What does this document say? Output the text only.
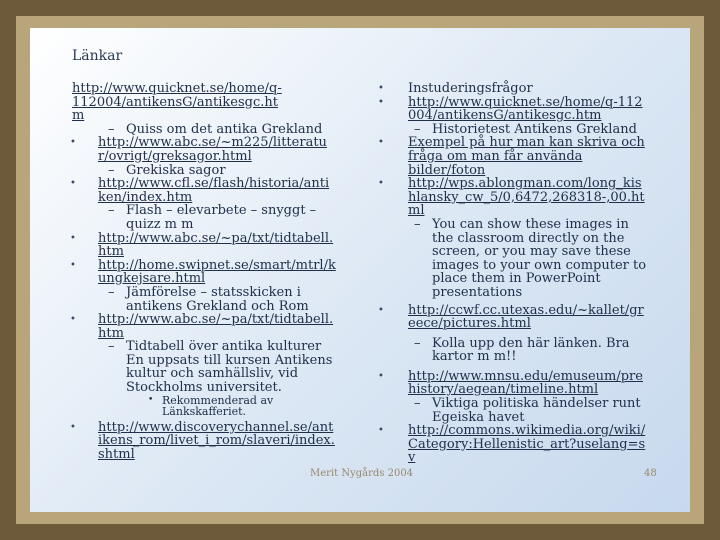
Länkar

http://www.quicknet.se/home/q-112004/antikensG/antikesgc.htm

– Quiss om det antika Grekland

• http://www.abc.se/~m225/litteratur/ovrigt/greksagor.html

– Grekiska sagor

• http://www.cfl.se/flash/historia/antiken/index.htm

– Flash – elevarbete – snyggt – quizz m m

• http://www.abc.se/~pa/txt/tidtabell.htm

• http://home.swipnet.se/smart/mtrl/kungkejsare.html

– Jämförelse – statsskicken i antikens Grekland och Rom

• http://www.abc.se/~pa/txt/tidtabell.htm

– Tidtabell över antika kulturer En uppsats till kursen Antikens kultur och samhällsliv, vid Stockholms universitet.

• Rekommenderad av Länkskafferiet.

• http://www.discoverychannel.se/antikens_rom/livet_i_rom/slaveri/index.shtml

• Instuderingsfrågor

• http://www.quicknet.se/home/q-112004/antikensG/antikesgc.htm

– Historietest Antikens Grekland

• Exempel på hur man kan skriva och fråga om man får använda bilder/foton

• http://wps.ablongman.com/long_kishlansky_cw_5/0,6472,268318-,00.html

– You can show these images in the classroom directly on the screen, or you may save these images to your own computer to place them in PowerPoint presentations

• http://ccwf.cc.utexas.edu/~kallet/greece/pictures.html

– Kolla upp den här länken. Bra kartor m m!!

• http://www.mnsu.edu/emuseum/prehistory/aegean/timeline.html

– Viktiga politiska händelser runt Egeiska havet

• http://commons.wikimedia.org/wiki/Category:Hellenistic_art?uselang=sv

Merit Nygårds 2004	48
